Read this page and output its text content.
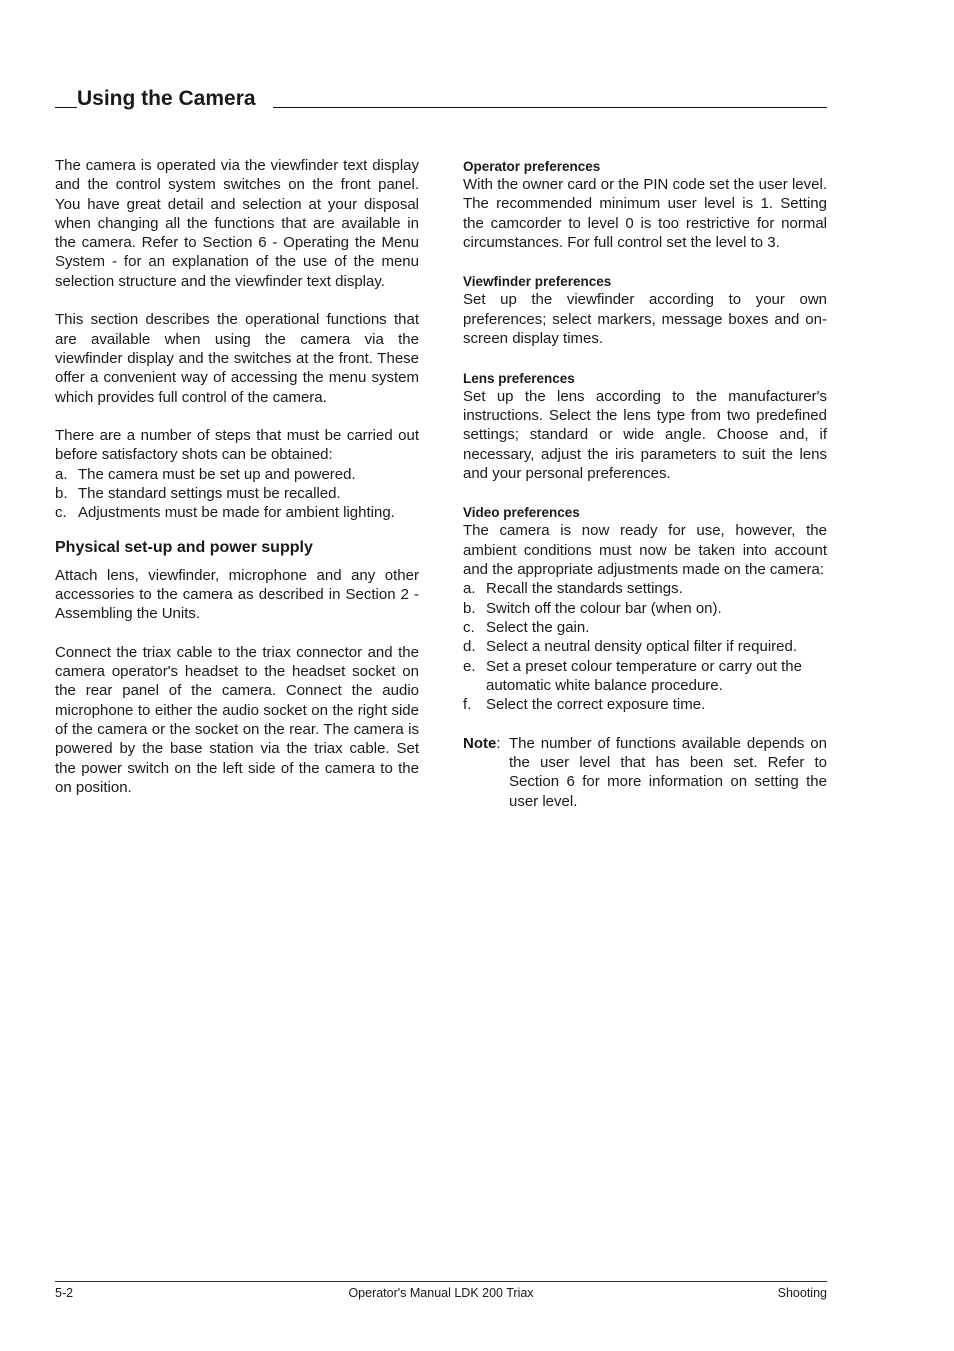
Using the Camera

The camera is operated via the viewfinder text display and the control system switches on the front panel. You have great detail and selection at your disposal when changing all the functions that are available in the camera. Refer to Section 6 - Operating the Menu System - for an explanation of the use of the menu selection structure and the viewfinder text display.

This section describes the operational functions that are available when using the camera via the viewfinder display and the switches at the front. These offer a convenient way of accessing the menu system which provides full control of the camera.

There are a number of steps that must be carried out before satisfactory shots can be obtained:

a. The camera must be set up and powered.
b. The standard settings must be recalled.
c. Adjustments must be made for ambient lighting.
Physical set-up and power supply

Attach lens, viewfinder, microphone and any other accessories to the camera as described in Section 2 - Assembling the Units.

Connect the triax cable to the triax connector and the camera operator's headset to the headset socket on the rear panel of the camera. Connect the audio microphone to either the audio socket on the right side of the camera or the socket on the rear. The camera is powered by the base station via the triax cable. Set the power switch on the left side of the camera to the on position.

Operator preferences

With the owner card or the PIN code set the user level. The recommended minimum user level is 1. Setting the camcorder to level 0 is too restrictive for normal circumstances. For full control set the level to 3.

Viewfinder preferences

Set up the viewfinder according to your own preferences; select markers, message boxes and on-screen display times.

Lens preferences

Set up the lens according to the manufacturer's instructions. Select the lens type from two predefined settings; standard or wide angle. Choose and, if necessary, adjust the iris parameters to suit the lens and your personal preferences.

Video preferences

The camera is now ready for use, however, the ambient conditions must now be taken into account and the appropriate adjustments made on the camera:

a. Recall the standards settings.
b. Switch off the colour bar (when on).
c. Select the gain.
d. Select a neutral density optical filter if required.
e. Set a preset colour temperature or carry out the automatic white balance procedure.
f. Select the correct exposure time.
Note: The number of functions available depends on the user level that has been set. Refer to Section 6 for more information on setting the user level.
5-2	Operator's Manual LDK 200 Triax	Shooting
